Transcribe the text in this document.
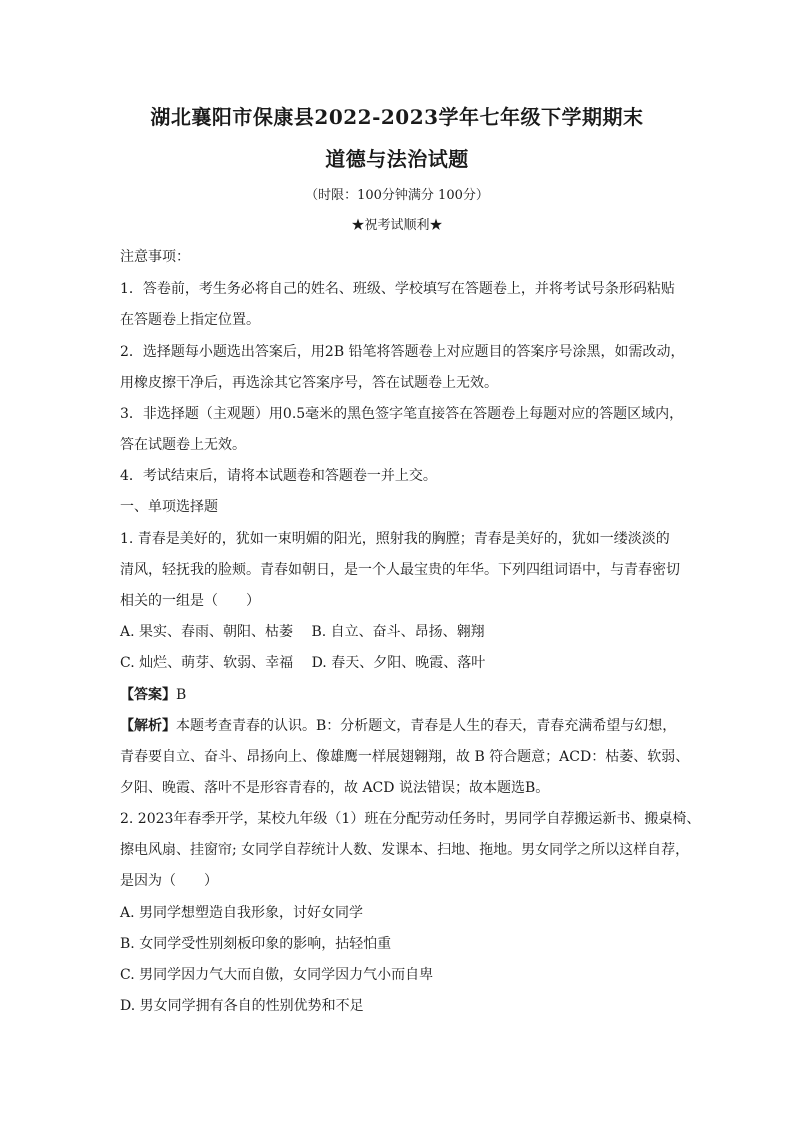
湖北襄阳市保康县2022-2023学年七年级下学期期末
道德与法治试题
（时限：100分钟满分 100分）
★祝考试顺利★
注意事项：
1．答卷前，考生务必将自己的姓名、班级、学校填写在答题卷上，并将考试号条形码粘贴
在答题卷上指定位置。
2．选择题每小题选出答案后，用2B 铅笔将答题卷上对应题目的答案序号涂黑，如需改动，
用橡皮擦干净后，再选涂其它答案序号，答在试题卷上无效。
3．非选择题（主观题）用0.5毫米的黑色签字笔直接答在答题卷上每题对应的答题区域内，
答在试题卷上无效。
4．考试结束后，请将本试题卷和答题卷一并上交。
一、单项选择题
1. 青春是美好的，犹如一束明媚的阳光，照射我的胸膛；青春是美好的，犹如一缕淡淡的
清风，轻抚我的脸颊。青春如朝日，是一个人最宝贵的年华。下列四组词语中，与青春密切
相关的一组是（　　）
A. 果实、春雨、朝阳、枯萎　 B. 自立、奋斗、昂扬、翱翔
C. 灿烂、萌芽、软弱、幸福　 D. 春天、夕阳、晚霞、落叶
【答案】B
【解析】本题考查青春的认识。B：分析题文，青春是人生的春天，青春充满希望与幻想，
青春要自立、奋斗、昂扬向上、像雄鹰一样展翅翱翔，故 B 符合题意；ACD：枯萎、软弱、
夕阳、晚霞、落叶不是形容青春的，故 ACD 说法错误；故本题选B。
2. 2023年春季开学，某校九年级（1）班在分配劳动任务时，男同学自荐搬运新书、搬桌椅、
擦电风扇、挂窗帘; 女同学自荐统计人数、发课本、扫地、拖地。男女同学之所以这样自荐，
是因为（　　）
A. 男同学想塑造自我形象，讨好女同学
B. 女同学受性别刻板印象的影响，拈轻怕重
C. 男同学因力气大而自傲，女同学因力气小而自卑
D. 男女同学拥有各自的性别优势和不足
